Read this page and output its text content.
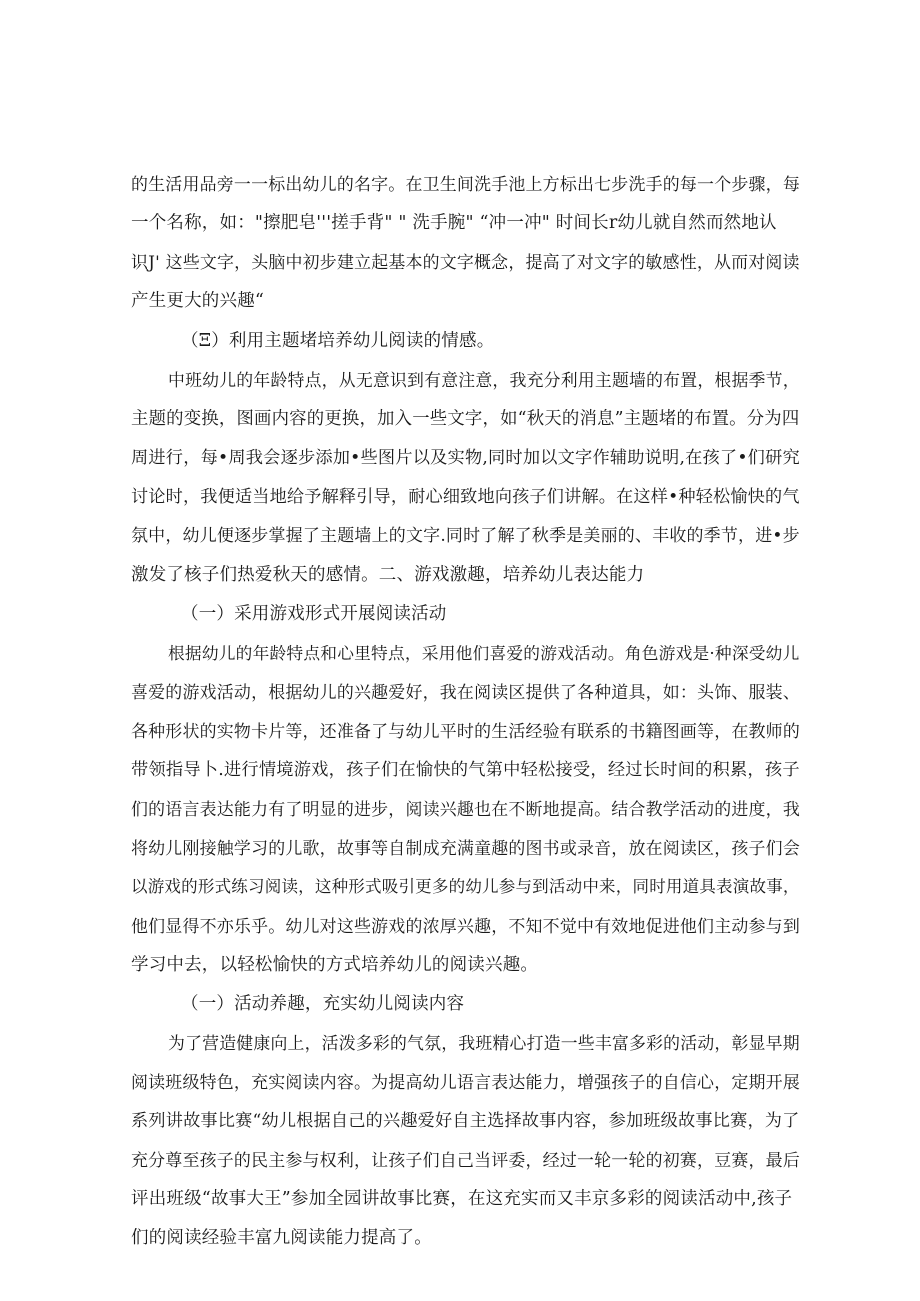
的生活用品旁一一标出幼儿的名字。在卫生间洗手池上方标出七步洗手的每一个步骤，每
一个名称，如："擦肥皂'''搓手背" " 洗手腕" “冲一冲" 时间长r幼儿就自然而然地认
识J' 这些文字，头脑中初步建立起基本的文字概念，提高了对文字的敏感性，从而对阅读
产生更大的兴趣“
（Ξ）利用主题堵培养幼儿阅读的情感。
中班幼儿的年龄特点，从无意识到有意注意，我充分利用主题墙的布置，根据季节，
主题的变换，图画内容的更换，加入一些文字，如“秋天的消息”主题堵的布置。分为四
周进行，每•周我会逐步添加•些图片以及实物,同时加以文字作辅助说明,在孩了•们研究
讨论时，我便适当地给予解释引导，耐心细致地向孩子们讲解。在这样•种轻松愉快的气
氛中，幼儿便逐步掌握了主题墙上的文字.同时了解了秋季是美丽的、丰收的季节，进•步
激发了核子们热爱秋天的感情。二、游戏激趣，培养幼儿表达能力
（一）采用游戏形式开展阅读活动
根据幼儿的年龄特点和心里特点，采用他们喜爱的游戏活动。角色游戏是·种深受幼儿
喜爱的游戏活动，根据幼儿的兴趣爱好，我在阅读区提供了各种道具，如：头饰、服装、
各种形状的实物卡片等，还准备了与幼儿平时的生活经验有联系的书籍图画等，在教师的
带领指导卜.进行情境游戏，孩子们在愉快的气第中轻松接受，经过长时间的积累，孩子
们的语言表达能力有了明显的进步，阅读兴趣也在不断地提高。结合教学活动的进度，我
将幼儿刚接触学习的儿歌，故事等自制成充满童趣的图书或录音，放在阅读区，孩子们会
以游戏的形式练习阅读，这种形式吸引更多的幼儿参与到活动中来，同时用道具表演故事，
他们显得不亦乐乎。幼儿对这些游戏的浓厚兴趣，不知不觉中有效地促进他们主动参与到
学习中去，以轻松愉快的方式培养幼儿的阅读兴趣。
（一）活动养趣，充实幼儿阅读内容
为了营造健康向上，活泼多彩的气氛，我班精心打造一些丰富多彩的活动，彰显早期
阅读班级特色，充实阅读内容。为提高幼儿语言表达能力，增强孩子的自信心，定期开展
系列讲故事比赛“幼儿根据自己的兴趣爱好自主选择故事内容，参加班级故事比赛，为了
充分尊至孩子的民主参与权利，让孩子们自己当评委，经过一轮一轮的初赛，豆赛，最后
评出班级“故事大王”参加全园讲故事比赛，在这充实而又丰京多彩的阅读活动中,孩子
们的阅读经验丰富九阅读能力提高了。
